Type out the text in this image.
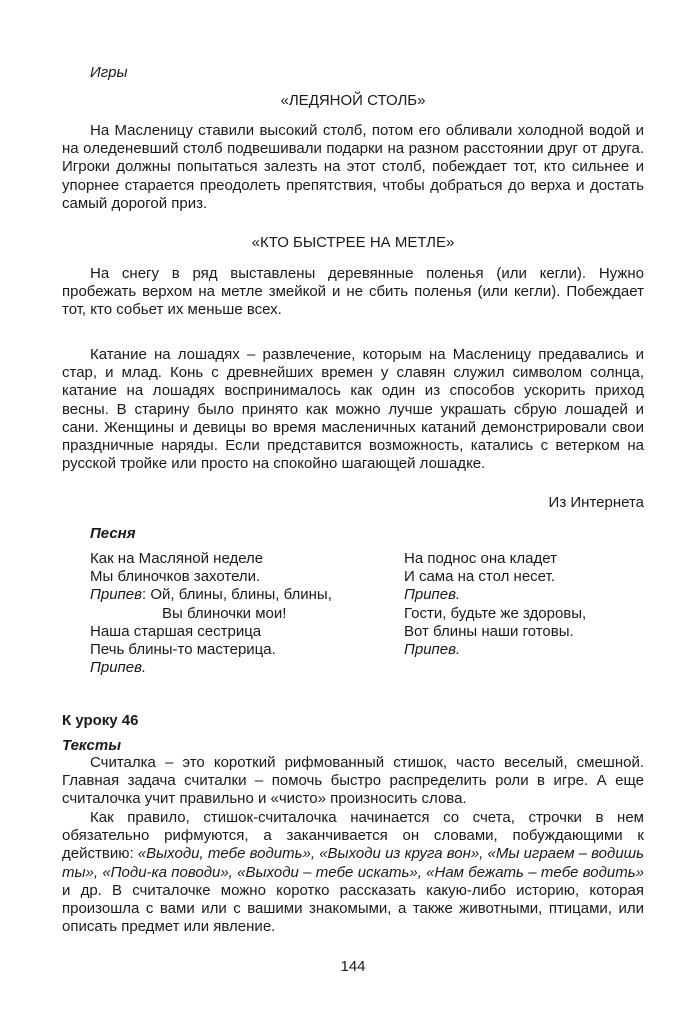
Игры

«ЛЕДЯНОЙ СТОЛБ»

На Масленицу ставили высокий столб, потом его обливали холодной водой и на оледеневший столб подвешивали подарки на разном расстоянии друг от друга. Игроки должны попытаться залезть на этот столб, побеждает тот, кто сильнее и упорнее старается преодолеть препятствия, чтобы добраться до верха и достать самый дорогой приз.

«КТО БЫСТРЕЕ НА МЕТЛЕ»

На снегу в ряд выставлены деревянные поленья (или кегли). Нужно пробежать верхом на метле змейкой и не сбить поленья (или кегли). Побеждает тот, кто собьет их меньше всех.

Катание на лошадях – развлечение, которым на Масленицу предавались и стар, и млад. Конь с древнейших времен у славян служил символом солнца, катание на лошадях воспринималось как один из способов ускорить приход весны. В старину было принято как можно лучше украшать сбрую лошадей и сани. Женщины и девицы во время масленичных катаний демонстрировали свои праздничные наряды. Если представится возможность, катались с ветерком на русской тройке или просто на спокойно шагающей лошадке.

Из Интернета

Песня

Как на Масляной неделе

Мы блиночков захотели.

Припев: Ой, блины, блины, блины,

Вы блиночки мои!

Наша старшая сестрица

Печь блины-то мастерица.

Припев.

На поднос она кладет

И сама на стол несет.

Припев.

Гости, будьте же здоровы,

Вот блины наши готовы.

Припев.

К уроку 46

Тексты

Считалка – это короткий рифмованный стишок, часто веселый, смешной. Главная задача считалки – помочь быстро распределить роли в игре. А еще считалочка учит правильно и «чисто» произносить слова.

Как правило, стишок-считалочка начинается со счета, строчки в нем обязательно рифмуются, а заканчивается он словами, побуждающими к действию: «Выходи, тебе водить», «Выходи из круга вон», «Мы играем – водишь ты», «Поди-ка поводи», «Выходи – тебе искать», «Нам бежать – тебе водить» и др. В считалочке можно коротко рассказать какую-либо историю, которая произошла с вами или с вашими знакомыми, а также животными, птицами, или описать предмет или явление.

144
